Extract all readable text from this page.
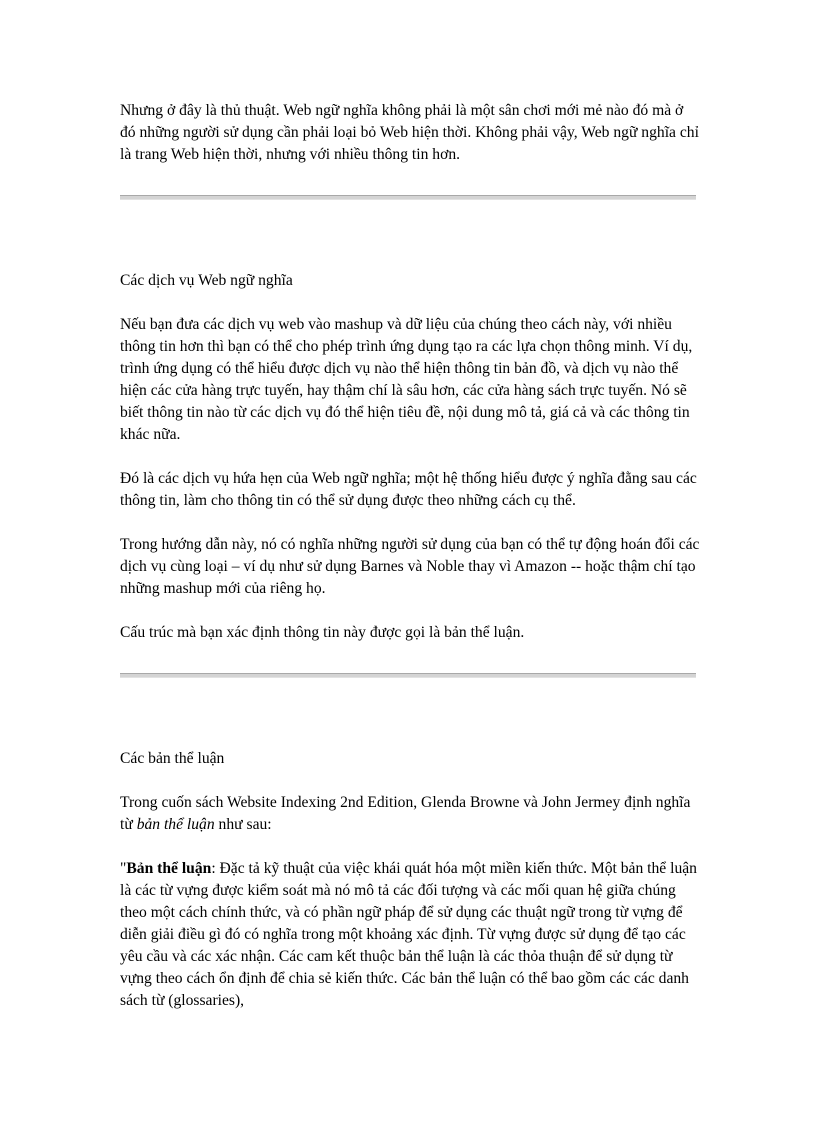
Nhưng ở đây là thủ thuật. Web ngữ nghĩa không phải là một sân chơi mới mẻ nào đó mà ở đó những người sử dụng cần phải loại bỏ Web hiện thời. Không phải vậy, Web ngữ nghĩa chỉ là trang Web hiện thời, nhưng với nhiều thông tin hơn.

Các dịch vụ Web ngữ nghĩa

Nếu bạn đưa các dịch vụ web vào mashup và dữ liệu của chúng theo cách này, với nhiều thông tin hơn thì bạn có thể cho phép trình ứng dụng tạo ra các lựa chọn thông minh. Ví dụ, trình ứng dụng có thể hiểu được dịch vụ nào thể hiện thông tin bản đồ, và dịch vụ nào thể hiện các cửa hàng trực tuyến, hay thậm chí là sâu hơn, các cửa hàng sách trực tuyến. Nó sẽ biết thông tin nào từ các dịch vụ đó thể hiện tiêu đề, nội dung mô tả, giá cả và các thông tin khác nữa.

Đó là các dịch vụ hứa hẹn của Web ngữ nghĩa; một hệ thống hiểu được ý nghĩa đằng sau các thông tin, làm cho thông tin có thể sử dụng được theo những cách cụ thể.

Trong hướng dẫn này, nó có nghĩa những người sử dụng của bạn có thể tự động hoán đổi các dịch vụ cùng loại – ví dụ như sử dụng Barnes và Noble thay vì Amazon -- hoặc thậm chí tạo những mashup mới của riêng họ.

Cấu trúc mà bạn xác định thông tin này được gọi là bản thể luận.

Các bản thể luận

Trong cuốn sách Website Indexing 2nd Edition, Glenda Browne và John Jermey định nghĩa từ bản thể luận như sau:

"Bản thể luận: Đặc tả kỹ thuật của việc khái quát hóa một miền kiến thức. Một bản thể luận là các từ vựng được kiểm soát mà nó mô tả các đối tượng và các mối quan hệ giữa chúng theo một cách chính thức, và có phần ngữ pháp để sử dụng các thuật ngữ trong từ vựng để diễn giải điều gì đó có nghĩa trong một khoảng xác định. Từ vựng được sử dụng để tạo các yêu cầu và các xác nhận. Các cam kết thuộc bản thể luận là các thỏa thuận để sử dụng từ vựng theo cách ổn định để chia sẻ kiến thức. Các bản thể luận có thể bao gồm các các danh sách từ (glossaries),
